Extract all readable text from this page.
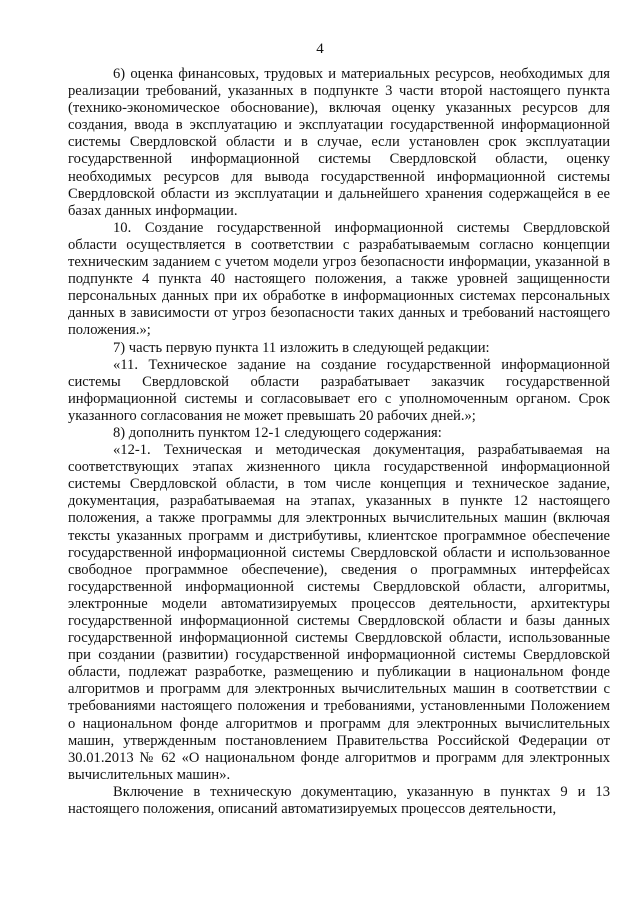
4

6) оценка финансовых, трудовых и материальных ресурсов, необходимых для реализации требований, указанных в подпункте 3 части второй настоящего пункта (технико-экономическое обоснование), включая оценку указанных ресурсов для создания, ввода в эксплуатацию и эксплуатации государственной информационной системы Свердловской области и в случае, если установлен срок эксплуатации государственной информационной системы Свердловской области, оценку необходимых ресурсов для вывода государственной информационной системы Свердловской области из эксплуатации и дальнейшего хранения содержащейся в ее базах данных информации.

10. Создание государственной информационной системы Свердловской области осуществляется в соответствии с разрабатываемым согласно концепции техническим заданием с учетом модели угроз безопасности информации, указанной в подпункте 4 пункта 40 настоящего положения, а также уровней защищенности персональных данных при их обработке в информационных системах персональных данных в зависимости от угроз безопасности таких данных и требований настоящего положения.»;

7) часть первую пункта 11 изложить в следующей редакции:

«11. Техническое задание на создание государственной информационной системы Свердловской области разрабатывает заказчик государственной информационной системы и согласовывает его с уполномоченным органом. Срок указанного согласования не может превышать 20 рабочих дней.»;

8) дополнить пунктом 12-1 следующего содержания:

«12-1. Техническая и методическая документация, разрабатываемая на соответствующих этапах жизненного цикла государственной информационной системы Свердловской области, в том числе концепция и техническое задание, документация, разрабатываемая на этапах, указанных в пункте 12 настоящего положения, а также программы для электронных вычислительных машин (включая тексты указанных программ и дистрибутивы, клиентское программное обеспечение государственной информационной системы Свердловской области и использованное свободное программное обеспечение), сведения о программных интерфейсах государственной информационной системы Свердловской области, алгоритмы, электронные модели автоматизируемых процессов деятельности, архитектуры государственной информационной системы Свердловской области и базы данных государственной информационной системы Свердловской области, использованные при создании (развитии) государственной информационной системы Свердловской области, подлежат разработке, размещению и публикации в национальном фонде алгоритмов и программ для электронных вычислительных машин в соответствии с требованиями настоящего положения и требованиями, установленными Положением о национальном фонде алгоритмов и программ для электронных вычислительных машин, утвержденным постановлением Правительства Российской Федерации от 30.01.2013 № 62 «О национальном фонде алгоритмов и программ для электронных вычислительных машин».

Включение в техническую документацию, указанную в пунктах 9 и 13 настоящего положения, описаний автоматизируемых процессов деятельности,
